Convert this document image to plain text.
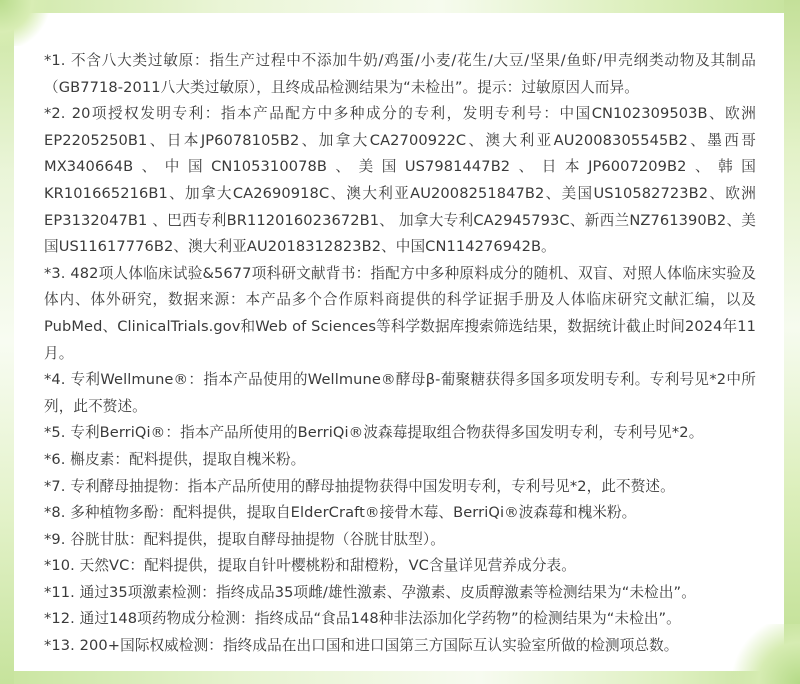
*1. 不含八大类过敏原：指生产过程中不添加牛奶/鸡蛋/小麦/花生/大豆/坚果/鱼虾/甲壳纲类动物及其制品（GB7718-2011八大类过敏原），且终成品检测结果为“未检出”。提示：过敏原因人而异。

*2. 20项授权发明专利：指本产品配方中多种成分的专利，发明专利号：中国CN102309503B、欧洲EP2205250B1、日本JP6078105B2、加拿大CA2700922C、澳大利亚AU2008305545B2、墨西哥MX340664B、中国CN105310078B、美国US7981447B2、日本JP6007209B2、韩国KR101665216B1、加拿大CA2690918C、澳大利亚AU2008251847B2、美国US10582723B2、欧洲EP3132047B1 、巴西专利BR112016023672B1、 加拿大专利CA2945793C、新西兰NZ761390B2、美国US11617776B2、澳大利亚AU2018312823B2、中国CN114276942B。

*3. 482项人体临床试验&5677项科研文献背书：指配方中多种原料成分的随机、双盲、对照人体临床实验及体内、体外研究，数据来源：本产品多个合作原料商提供的科学证据手册及人体临床研究文献汇编，以及PubMed、ClinicalTrials.gov和Web of Sciences等科学数据库搜索筛选结果，数据统计截止时间2024年11月。

*4. 专利Wellmune®：指本产品使用的Wellmune®酵母β-葡聚糖获得多国多项发明专利。专利号见*2中所列，此不赘述。

*5. 专利BerriQi®：指本产品所使用的BerriQi®波森莓提取组合物获得多国发明专利，专利号见*2。

*6. 槲皮素：配料提供，提取自槐米粉。

*7. 专利酵母抽提物：指本产品所使用的酵母抽提物获得中国发明专利，专利号见*2，此不赘述。

*8. 多种植物多酚：配料提供，提取自ElderCraft®接骨木莓、BerriQi®波森莓和槐米粉。

*9. 谷胱甘肽：配料提供，提取自酵母抽提物（谷胱甘肽型）。

*10. 天然VC：配料提供，提取自针叶樱桃粉和甜橙粉，VC含量详见营养成分表。

*11. 通过35项激素检测：指终成品35项雌/雄性激素、孕激素、皮质醇激素等检测结果为“未检出”。

*12. 通过148项药物成分检测：指终成品“食品148种非法添加化学药物”的检测结果为“未检出”。

*13. 200+国际权威检测：指终成品在出口国和进口国第三方国际互认实验室所做的检测项总数。
